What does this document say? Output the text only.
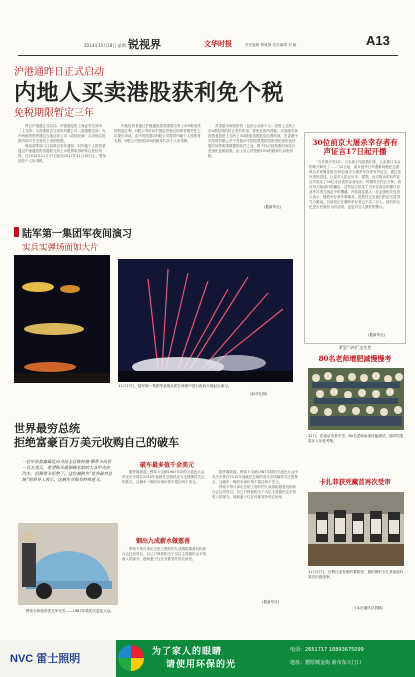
2014年11月18日 星期二
锐视界	文华时报	责任编辑 曹雅静 美术编辑 刘 畅	A13
沪港通昨日正式启动
内地人买卖港股获利免个税
免税期限暂定三年

昨日沪港通正式启动。沪港通是指上海证券交易所（上交所）与香港联合交易所有限公司（香港联交所）允许两地投资者通过当地证券公司（或经纪商）买卖规定范围内的对方交易所上市的股票。

财政部等部门日前联合发布通知，对内地个人投资者通过沪港通投资香港联交所上市股票取得的转让差价所得，自2014年11月17日起至2017年11月16日止，暂免征收个人所得税。

内地投资者通过沪港通投资香港联交所上市H股取得的股息红利，H股公司应向中国证券登记结算有限责任公司提出申请，由中国结算向H股公司提供内地个人投资者名册，H股公司按照20%的税率代扣个人所得税。

对香港市场投资者（包括企业和个人）投资上交所上市A股取得的转让差价所得，暂免征收所得税。对香港市场投资者投资上交所上市A股取得的股息红利所得，在香港中央结算有限公司不具备向中国结算提供投资者的身份及持股时间等明细数据的条件之前，暂不执行按持股时间实行差别化征税政策，由上市公司按照10%的税率代扣所得税。

(据新华社)
30位前京大屠杀幸存者有声证言17日起开播

“当年我只有5岁，日本鬼子闯进我们家，父亲被日本兵的刺刀刺死了……”12日起，南京侵华日军遇难同胞纪念馆联合多家媒体推出30位南京大屠杀幸存者有声证言，通过亲历者的讲述，让更多人铭记历史。据悉，此次推出的有声证言共收录了30位幸存者的亲身经历，每期时长约五分钟，将在每天晚间时段播出。这些证言讲述了日军在南京的暴行以及幸存者在战乱中的遭遇，内容真实感人。纪念馆相关负责人表示，随着幸存者年事渐高，抢救性记录他们的证言显得尤为紧迫。目前登记在册的幸存者已不足二百人，他们的记忆是历史最有力的证明，也是对后人最好的警示。

(据新华社)
紧急“寻找”走失者
80名老师增肥减慢慢考
12日，在南京市某中学，80名老师参加体能测试，测试结果将计入年度考核。
卡扎菲获死藏首再次受审
11月17日，在利比亚首都的黎波里，被扣押的卡扎菲前政权高官出庭受审。
(本社通讯员供稿)
陆军第一集团军夜间演习
实兵实弹场面如大片
11月17日，陆军第一集团军某炮兵团在演练中进行夜间火炮射击演习。
(新华社图)
世界最穷总统
拒绝富豪百万美元收购自己的破车
一位中东富豪最近向乌拉圭总统何塞·穆希卡出价一百万美元，希望购买他那辆老款的大众甲壳虫汽车，但穆希卡拒绝了。这位被称为“世界最穷总统”的领导人表示，这辆车对他有特殊意义。
穆希卡和他的老式甲壳虫——1987年款的天蓝色大众。
破车最多值千余美元

据外媒报道，穆希卡这辆1987年款的天蓝色大众甲壳虫车曾在2010年他就任总统时成为全国媒体关注的焦点，这辆车一般的市场价格不超过两千美元。

钢出九成薪水做慈善

穆希卡每月拿出总统工资的约九成捐给慈善机构和社会住房项目，自己只保留相当于乌拉圭普通民众平均收入的部分，他和妻子住在首都郊外的农场里。

据外媒报道，穆希卡这辆1987年款的天蓝色大众甲壳虫车曾在2010年他就任总统时成为全国媒体关注的焦点，这辆车一般的市场价格不超过两千美元。

穆希卡每月拿出总统工资的约九成捐给慈善机构和社会住房项目，自己只保留相当于乌拉圭普通民众平均收入的部分，他和妻子住在首都郊外的农场里。

(据新华社)
NVC 雷士照明
为了家人的眼睛
请使用环保的光
电话：2651717 18893675099
地址：德厚城金街 新市东大门口
